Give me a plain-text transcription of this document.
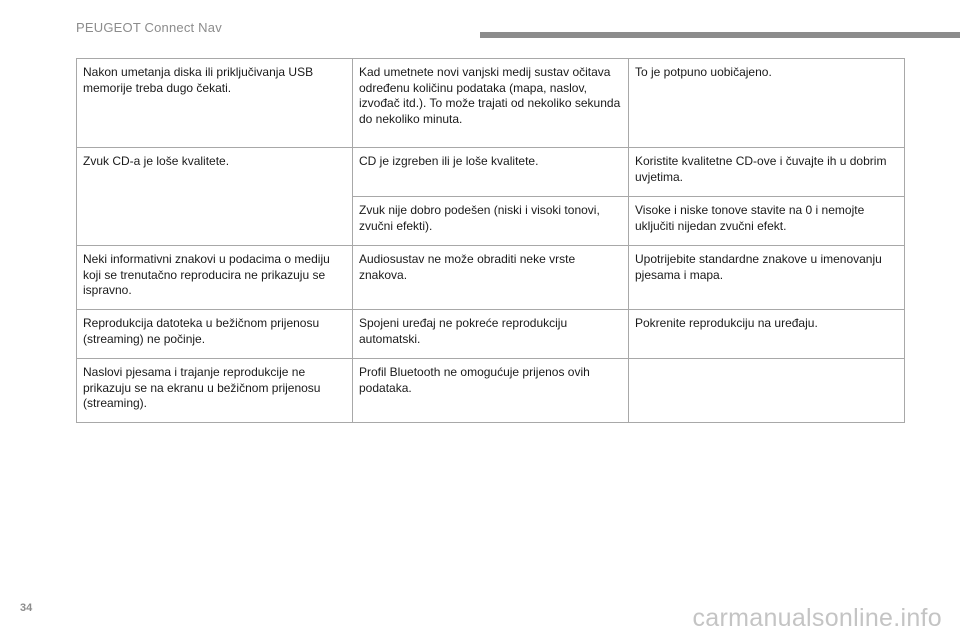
PEUGEOT Connect Nav
Nakon umetanja diska ili priključivanja USB memorije treba dugo čekati.	Kad umetnete novi vanjski medij sustav očitava određenu količinu podataka (mapa, naslov, izvođač itd.). To može trajati od nekoliko sekunda do nekoliko minuta.	To je potpuno uobičajeno.
Zvuk CD-a je loše kvalitete.	CD je izgreben ili je loše kvalitete.	Koristite kvalitetne CD-ove i čuvajte ih u dobrim uvjetima.
	Zvuk nije dobro podešen (niski i visoki tonovi, zvučni efekti).	Visoke i niske tonove stavite na 0 i nemojte uključiti nijedan zvučni efekt.
Neki informativni znakovi u podacima o mediju koji se trenutačno reproducira ne prikazuju se ispravno.	Audiosustav ne može obraditi neke vrste znakova.	Upotrijebite standardne znakove u imenovanju pjesama i mapa.
Reprodukcija datoteka u bežičnom prijenosu (streaming) ne počinje.	Spojeni uređaj ne pokreće reprodukciju automatski.	Pokrenite reprodukciju na uređaju.
Naslovi pjesama i trajanje reprodukcije ne prikazuju se na ekranu u bežičnom prijenosu (streaming).	Profil Bluetooth ne omogućuje prijenos ovih podataka.	
34	carmanualsonline.info
